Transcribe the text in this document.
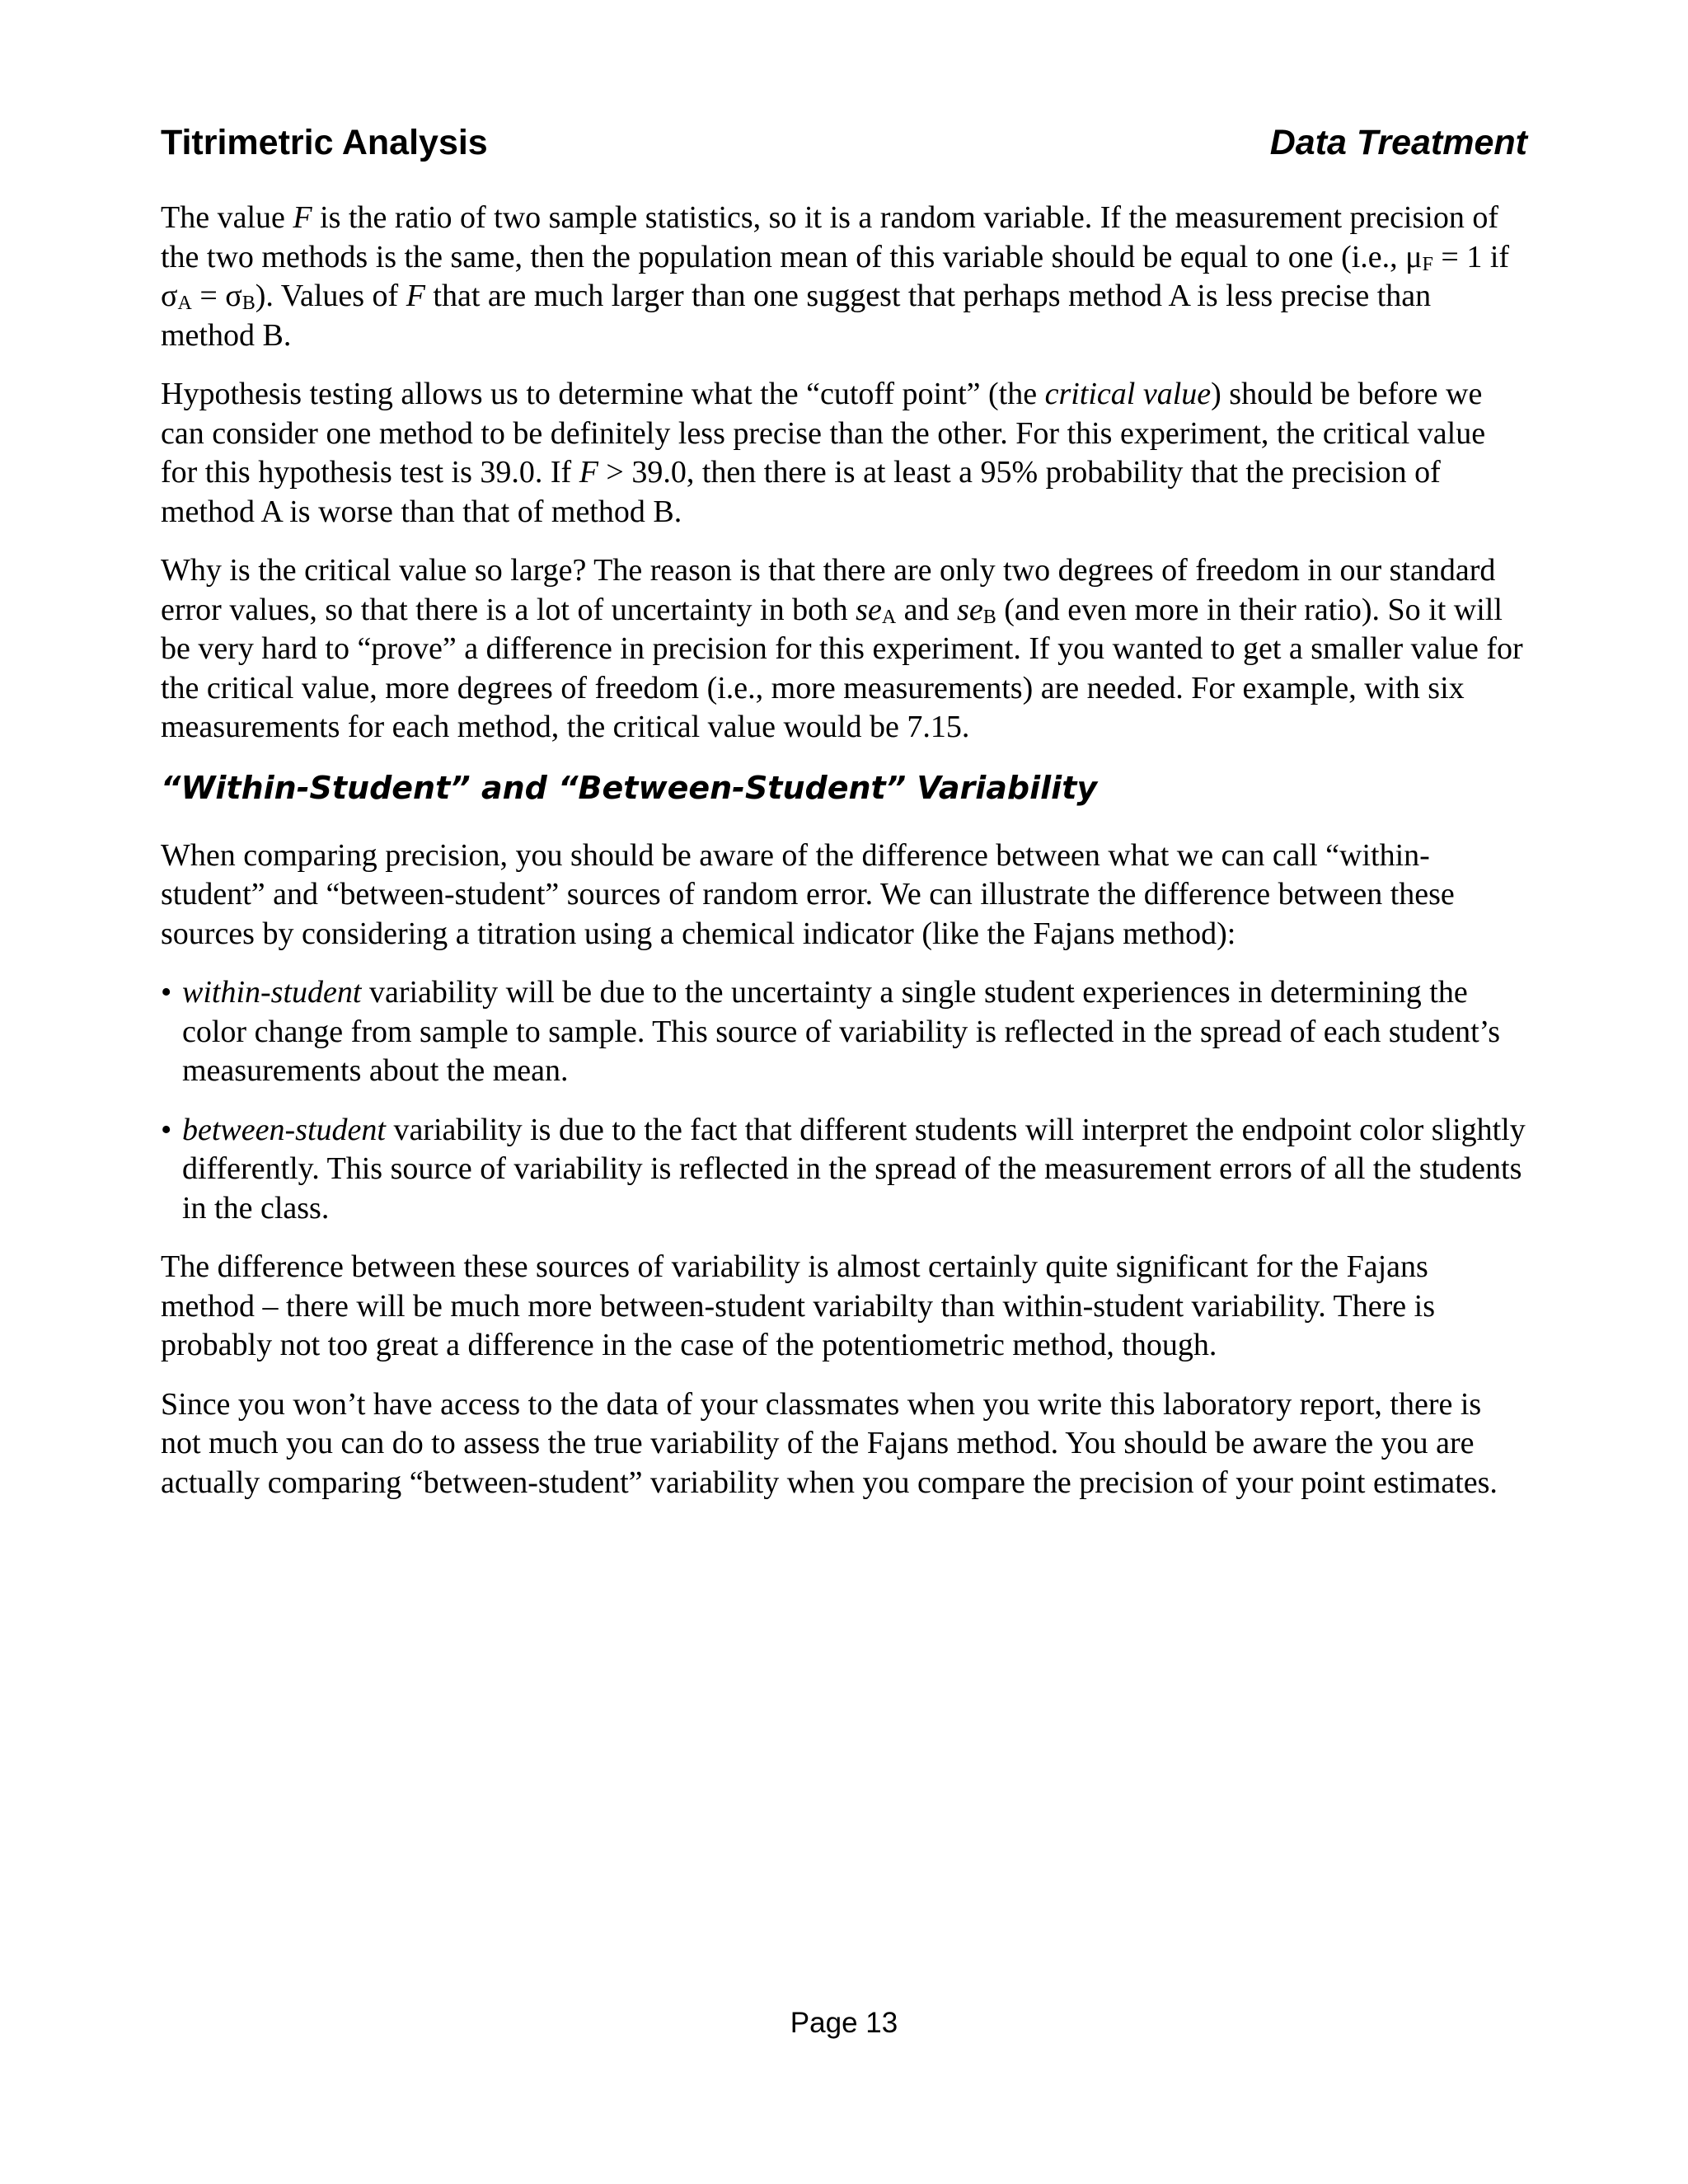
Titrimetric Analysis	Data Treatment

The value F is the ratio of two sample statistics, so it is a random variable. If the measurement precision of the two methods is the same, then the population mean of this variable should be equal to one (i.e., $\mu_F = 1$ if $\sigma_A = \sigma_B$). Values of F that are much larger than one suggest that perhaps method A is less precise than method B.

Hypothesis testing allows us to determine what the “cutoff point” (the critical value) should be before we can consider one method to be definitely less precise than the other. For this experiment, the critical value for this hypothesis test is 39.0. If F > 39.0, then there is at least a 95% probability that the precision of method A is worse than that of method B.

Why is the critical value so large? The reason is that there are only two degrees of freedom in our standard error values, so that there is a lot of uncertainty in both $se_A$ and $se_B$ (and even more in their ratio). So it will be very hard to “prove” a difference in precision for this experiment. If you wanted to get a smaller value for the critical value, more degrees of freedom (i.e., more measurements) are needed. For example, with six measurements for each method, the critical value would be 7.15.

“Within-Student” and “Between-Student” Variability

When comparing precision, you should be aware of the difference between what we can call “within-student” and “between-student” sources of random error. We can illustrate the difference between these sources by considering a titration using a chemical indicator (like the Fajans method):

• within-student variability will be due to the uncertainty a single student experiences in determining the color change from sample to sample. This source of variability is reflected in the spread of each student’s measurements about the mean.
• between-student variability is due to the fact that different students will interpret the endpoint color slightly differently. This source of variability is reflected in the spread of the measurement errors of all the students in the class.

The difference between these sources of variability is almost certainly quite significant for the Fajans method – there will be much more between-student variabilty than within-student variability. There is probably not too great a difference in the case of the potentiometric method, though.

Since you won’t have access to the data of your classmates when you write this laboratory report, there is not much you can do to assess the true variability of the Fajans method. You should be aware the you are actually comparing “between-student” variability when you compare the precision of your point estimates.

Page 13
